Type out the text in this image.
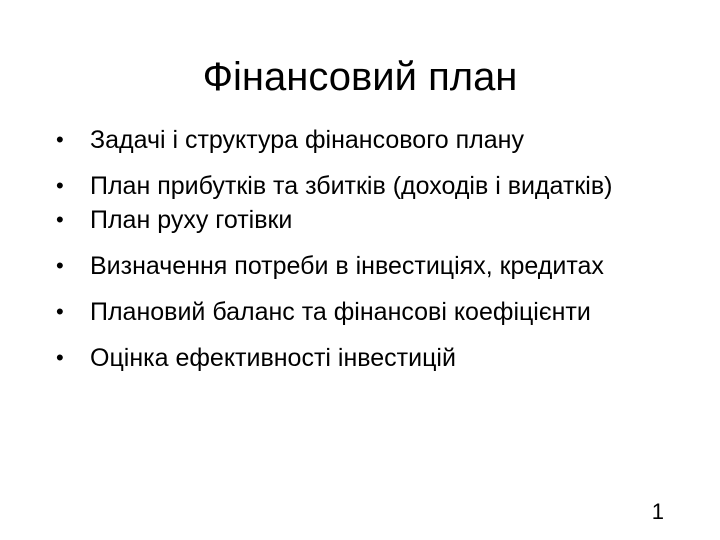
Фінансовий план
•	Задачі і структура фінансового плану
•	План прибутків та збитків (доходів і видатків)
•	План руху готівки
•	Визначення потреби в інвестиціях, кредитах
•	Плановий баланс та фінансові коефіцієнти
•	Оцінка ефективності інвестицій
1
